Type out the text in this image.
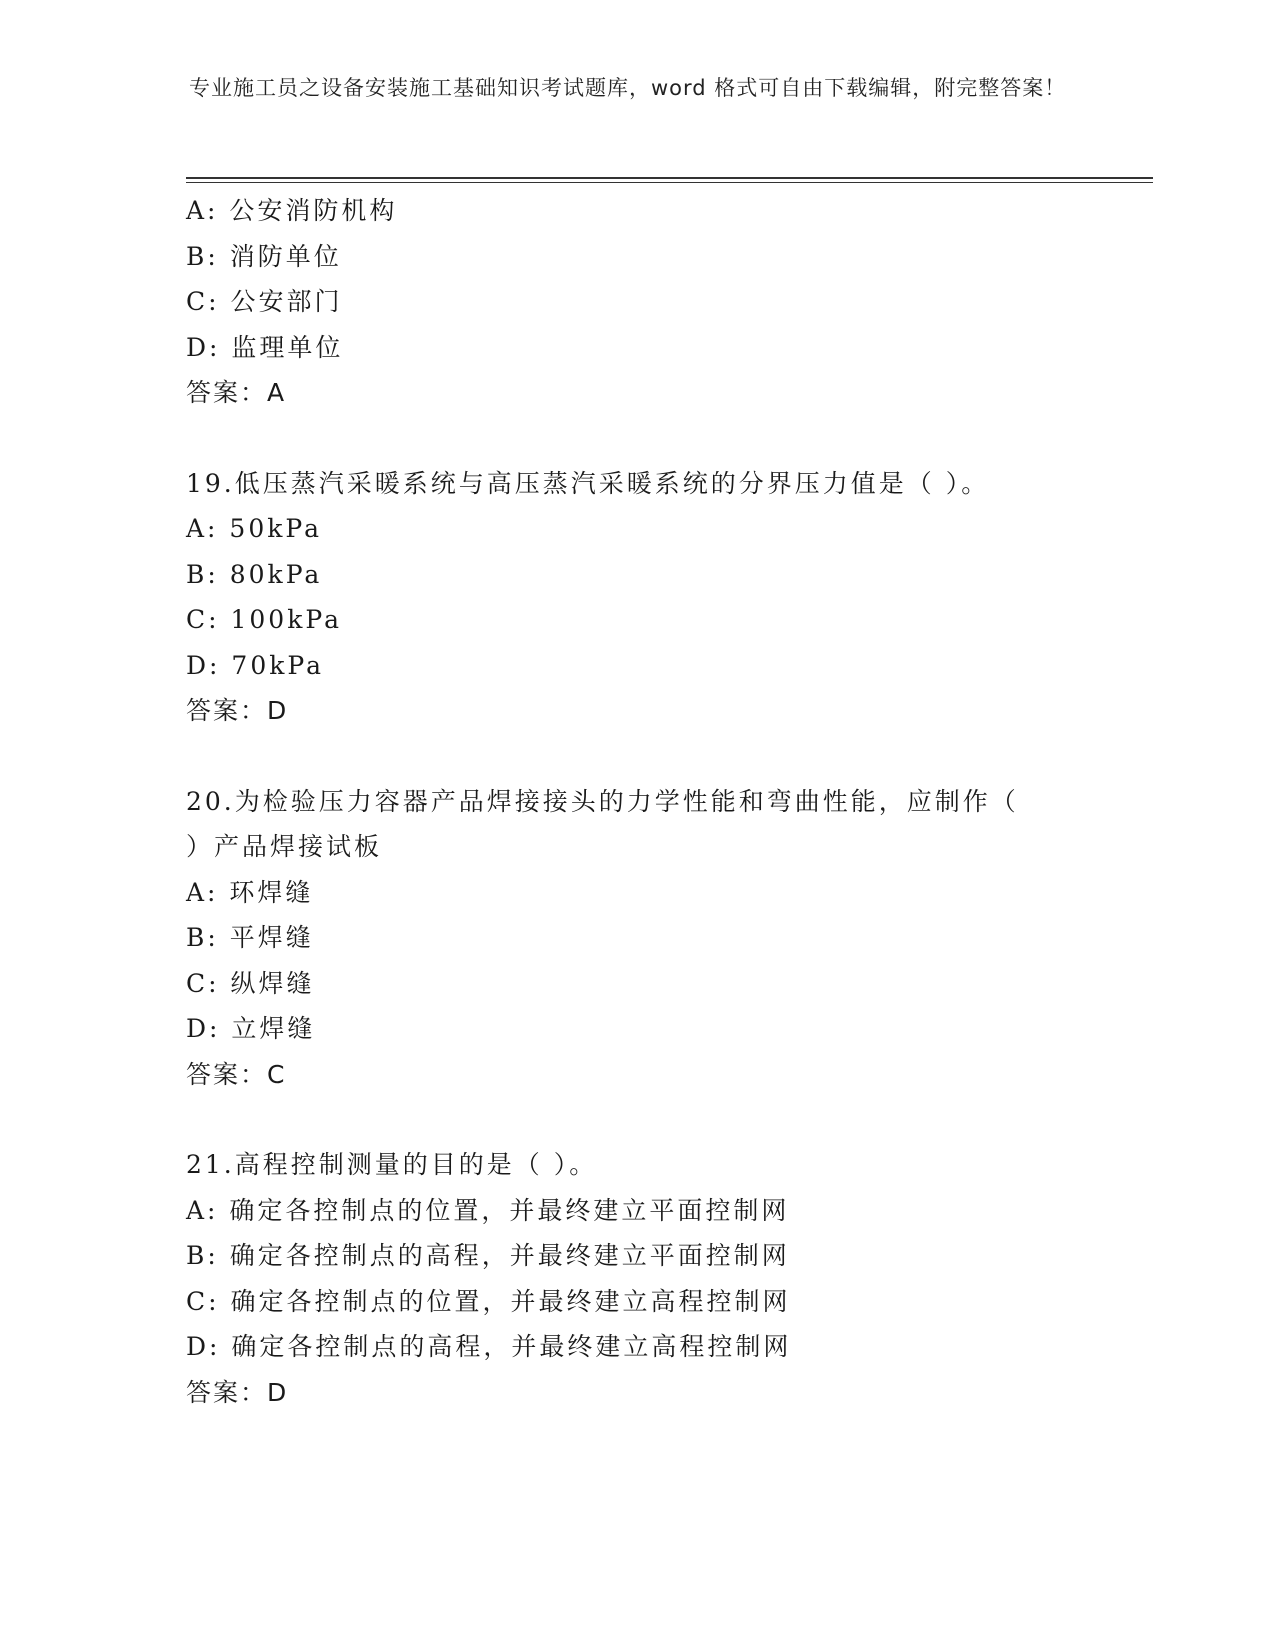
专业施工员之设备安装施工基础知识考试题库，word 格式可自由下载编辑，附完整答案！
A: 公安消防机构
B: 消防单位
C: 公安部门
D: 监理单位
答案：A
19.低压蒸汽采暖系统与高压蒸汽采暖系统的分界压力值是（ ）。
A: 50kPa
B: 80kPa
C: 100kPa
D: 70kPa
答案：D
20.为检验压力容器产品焊接接头的力学性能和弯曲性能，应制作（
）产品焊接试板
A: 环焊缝
B: 平焊缝
C: 纵焊缝
D: 立焊缝
答案：C
21.高程控制测量的目的是（ ）。
A: 确定各控制点的位置，并最终建立平面控制网
B: 确定各控制点的高程，并最终建立平面控制网
C: 确定各控制点的位置，并最终建立高程控制网
D: 确定各控制点的高程，并最终建立高程控制网
答案：D
